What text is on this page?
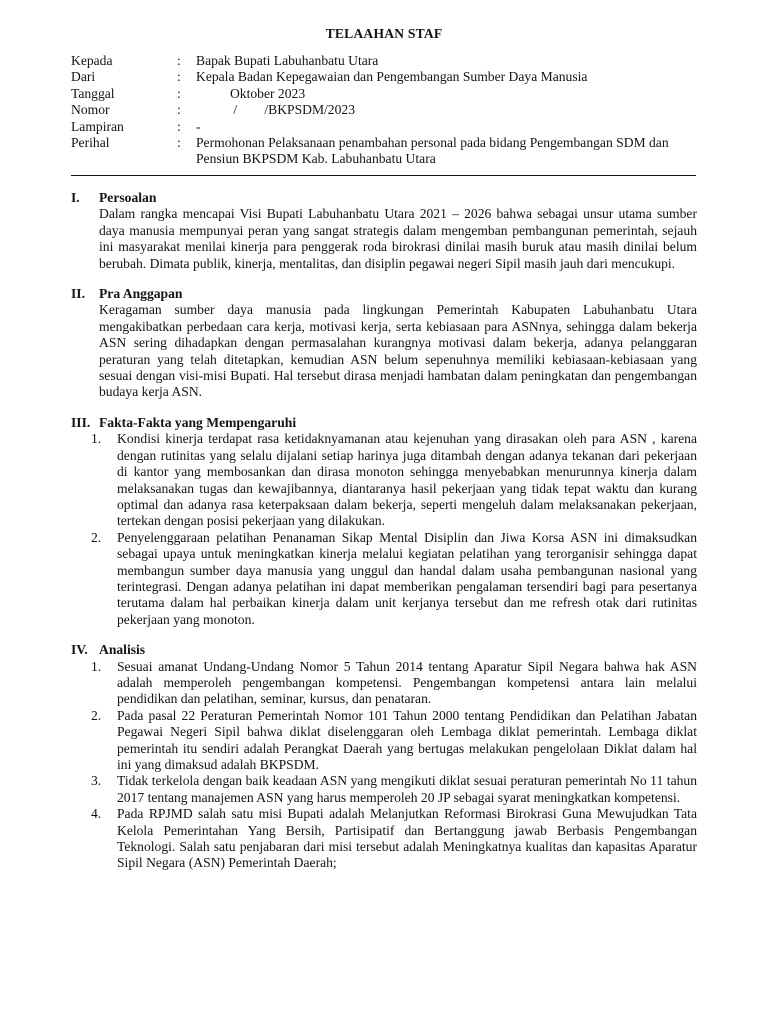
TELAAHAN STAF
Kepada	:	Bapak Bupati Labuhanbatu Utara
Dari	:	Kepala Badan Kepegawaian dan Pengembangan Sumber Daya Manusia
Tanggal	:	Oktober 2023
Nomor	:	/        /BKPSDM/2023
Lampiran	:	-
Perihal	:	Permohonan Pelaksanaan penambahan personal pada bidang Pengembangan SDM dan Pensiun BKPSDM Kab. Labuhanbatu Utara
I.	Persoalan
Dalam rangka mencapai Visi Bupati Labuhanbatu Utara 2021 – 2026 bahwa sebagai unsur utama sumber daya manusia mempunyai peran yang sangat strategis dalam mengemban pembangunan pemerintah, sejauh ini masyarakat menilai kinerja para penggerak roda birokrasi dinilai masih buruk atau masih dinilai belum berubah. Dimata publik, kinerja, mentalitas, dan disiplin pegawai negeri Sipil masih jauh dari mencukupi.
II.	Pra Anggapan
Keragaman sumber daya manusia pada lingkungan Pemerintah Kabupaten Labuhanbatu Utara mengakibatkan perbedaan cara kerja, motivasi kerja, serta kebiasaan para ASNnya, sehingga dalam bekerja ASN sering dihadapkan dengan permasalahan kurangnya motivasi dalam bekerja, adanya pelanggaran peraturan yang telah ditetapkan, kemudian ASN belum sepenuhnya memiliki kebiasaan-kebiasaan yang sesuai dengan visi-misi Bupati. Hal tersebut dirasa menjadi hambatan dalam peningkatan dan pengembangan budaya kerja ASN.
III. Fakta-Fakta yang Mempengaruhi
1.	Kondisi kinerja terdapat rasa ketidaknyamanan atau kejenuhan yang dirasakan oleh para ASN , karena dengan rutinitas yang selalu dijalani setiap harinya juga ditambah dengan adanya tekanan dari pekerjaan di kantor yang membosankan dan dirasa monoton sehingga menyebabkan menurunnya kinerja dalam melaksanakan tugas dan kewajibannya, diantaranya hasil pekerjaan yang tidak tepat waktu dan kurang optimal dan adanya rasa keterpaksaan dalam bekerja, seperti mengeluh dalam melaksanakan pekerjaan, tertekan dengan posisi pekerjaan yang dilakukan.
2.	Penyelenggaraan pelatihan Penanaman Sikap Mental Disiplin dan Jiwa Korsa ASN ini dimaksudkan sebagai upaya untuk meningkatkan kinerja melalui kegiatan pelatihan yang terorganisir sehingga dapat membangun sumber daya manusia yang unggul dan handal dalam usaha pembangunan nasional yang terintegrasi. Dengan adanya pelatihan ini dapat memberikan pengalaman tersendiri bagi para pesertanya terutama dalam hal perbaikan kinerja dalam unit kerjanya tersebut dan me refresh otak dari rutinitas pekerjaan yang monoton.
IV. Analisis
1.	Sesuai amanat Undang-Undang Nomor 5 Tahun 2014 tentang Aparatur Sipil Negara bahwa hak ASN adalah memperoleh pengembangan kompetensi. Pengembangan kompetensi antara lain melalui pendidikan dan pelatihan, seminar, kursus, dan penataran.
2.	Pada pasal 22 Peraturan Pemerintah Nomor 101 Tahun 2000 tentang Pendidikan dan Pelatihan Jabatan Pegawai Negeri Sipil bahwa diklat diselenggaran oleh Lembaga diklat pemerintah. Lembaga diklat pemerintah itu sendiri adalah Perangkat Daerah yang bertugas melakukan pengelolaan Diklat dalam hal ini yang dimaksud adalah BKPSDM.
3.	Tidak terkelola dengan baik keadaan ASN yang mengikuti diklat sesuai peraturan pemerintah No 11 tahun 2017 tentang manajemen ASN yang harus memperoleh 20 JP sebagai syarat meningkatkan kompetensi.
4.	Pada RPJMD salah satu misi Bupati adalah Melanjutkan Reformasi Birokrasi Guna Mewujudkan Tata Kelola Pemerintahan Yang Bersih, Partisipatif dan Bertanggung jawab Berbasis Pengembangan Teknologi. Salah satu penjabaran dari misi tersebut adalah Meningkatnya kualitas dan kapasitas Aparatur Sipil Negara (ASN) Pemerintah Daerah;
